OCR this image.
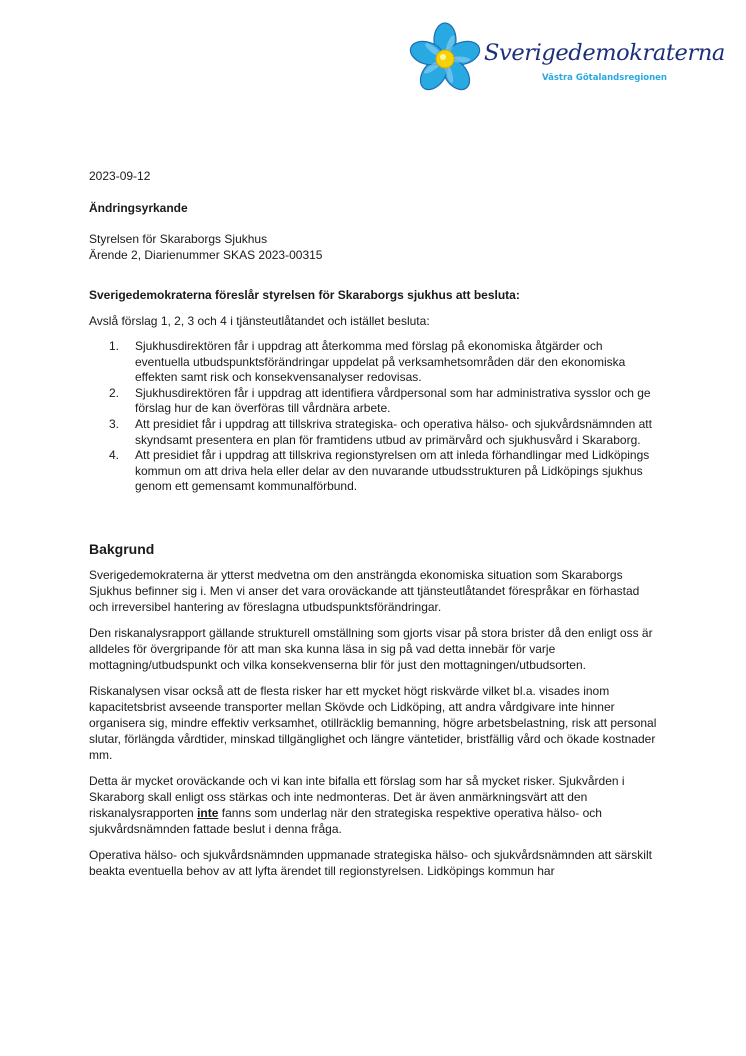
Sverigedemokraterna
Västra Götalandsregionen
2023-09-12
Ändringsyrkande
Styrelsen för Skaraborgs Sjukhus
Ärende 2, Diarienummer SKAS 2023-00315
Sverigedemokraterna föreslår styrelsen för Skaraborgs sjukhus att besluta:
Avslå förslag 1, 2, 3 och 4 i tjänsteutlåtandet och istället besluta:
1.	Sjukhusdirektören får i uppdrag att återkomma med förslag på ekonomiska åtgärder och eventuella utbudspunktsförändringar uppdelat på verksamhetsområden där den ekonomiska effekten samt risk och konsekvensanalyser redovisas.
2.	Sjukhusdirektören får i uppdrag att identifiera vårdpersonal som har administrativa sysslor och ge förslag hur de kan överföras till vårdnära arbete.
3.	Att presidiet får i uppdrag att tillskriva strategiska- och operativa hälso- och sjukvårdsnämnden att skyndsamt presentera en plan för framtidens utbud av primärvård och sjukhusvård i Skaraborg.
4.	Att presidiet får i uppdrag att tillskriva regionstyrelsen om att inleda förhandlingar med Lidköpings kommun om att driva hela eller delar av den nuvarande utbudsstrukturen på Lidköpings sjukhus genom ett gemensamt kommunalförbund.
Bakgrund

Sverigedemokraterna är ytterst medvetna om den ansträngda ekonomiska situation som Skaraborgs Sjukhus befinner sig i. Men vi anser det vara oroväckande att tjänsteutlåtandet förespråkar en förhastad och irreversibel hantering av föreslagna utbudspunktsförändringar.

Den riskanalysrapport gällande strukturell omställning som gjorts visar på stora brister då den enligt oss är alldeles för övergripande för att man ska kunna läsa in sig på vad detta innebär för varje mottagning/utbudspunkt och vilka konsekvenserna blir för just den mottagningen/utbudsorten.

Riskanalysen visar också att de flesta risker har ett mycket högt riskvärde vilket bl.a. visades inom kapacitetsbrist avseende transporter mellan Skövde och Lidköping, att andra vårdgivare inte hinner organisera sig, mindre effektiv verksamhet, otillräcklig bemanning, högre arbetsbelastning, risk att personal slutar, förlängda vårdtider, minskad tillgänglighet och längre väntetider, bristfällig vård och ökade kostnader mm.

Detta är mycket oroväckande och vi kan inte bifalla ett förslag som har så mycket risker. Sjukvården i Skaraborg skall enligt oss stärkas och inte nedmonteras. Det är även anmärkningsvärt att den riskanalysrapporten inte fanns som underlag när den strategiska respektive operativa hälso- och sjukvårdsnämnden fattade beslut i denna fråga.

Operativa hälso- och sjukvårdsnämnden uppmanade strategiska hälso- och sjukvårdsnämnden att särskilt beakta eventuella behov av att lyfta ärendet till regionstyrelsen. Lidköpings kommun har
